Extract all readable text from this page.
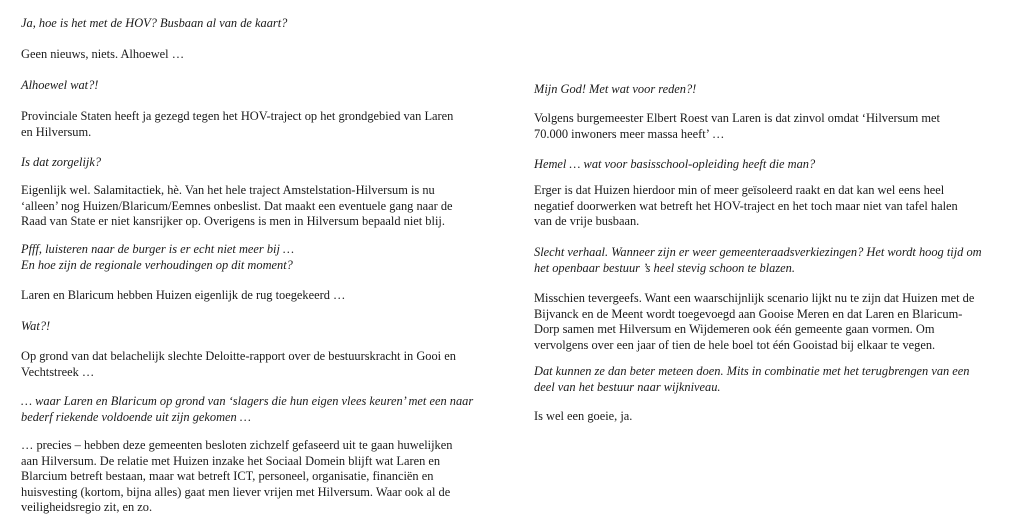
Ja, hoe is het met de HOV? Busbaan al van de kaart?

Geen nieuws, niets. Alhoewel …

Alhoewel wat?!

Provinciale Staten heeft ja gezegd tegen het HOV-traject op het grondgebied van Laren
en Hilversum.

Is dat zorgelijk?

Eigenlijk wel. Salamitactiek, hè. Van het hele traject Amstelstation-Hilversum is nu
‘alleen’ nog Huizen/Blaricum/Eemnes onbeslist. Dat maakt een eventuele gang naar de
Raad van State er niet kansrijker op. Overigens is men in Hilversum bepaald niet blij.

Pfff, luisteren naar de burger is er echt niet meer bij …
En hoe zijn de regionale verhoudingen op dit moment?

Laren en Blaricum hebben Huizen eigenlijk de rug toegekeerd …

Wat?!

Op grond van dat belachelijk slechte Deloitte-rapport over de bestuurskracht in Gooi en
Vechtstreek …

… waar Laren en Blaricum op grond van ‘slagers die hun eigen vlees keuren’ met een naar
bederf riekende voldoende uit zijn gekomen …

… precies – hebben deze gemeenten besloten zichzelf gefaseerd uit te gaan huwelijken
aan Hilversum. De relatie met Huizen inzake het Sociaal Domein blijft wat Laren en
Blarcium betreft bestaan, maar wat betreft ICT, personeel, organisatie, financiën en
huisvesting (kortom, bijna alles) gaat men liever vrijen met Hilversum. Waar ook al de
veiligheidsregio zit, en zo.

Mijn God! Met wat voor reden?!

Volgens burgemeester Elbert Roest van Laren is dat zinvol omdat ‘Hilversum met
70.000 inwoners meer massa heeft’ …

Hemel … wat voor basisschool-opleiding heeft die man?

Erger is dat Huizen hierdoor min of meer geïsoleerd raakt en dat kan wel eens heel
negatief doorwerken wat betreft het HOV-traject en het toch maar niet van tafel halen
van de vrije busbaan.

Slecht verhaal. Wanneer zijn er weer gemeenteraadsverkiezingen? Het wordt hoog tijd om
het openbaar bestuur ’s heel stevig schoon te blazen.

Misschien tevergeefs. Want een waarschijnlijk scenario lijkt nu te zijn dat Huizen met de
Bijvanck en de Meent wordt toegevoegd aan Gooise Meren en dat Laren en Blaricum-
Dorp samen met Hilversum en Wijdemeren ook één gemeente gaan vormen. Om
vervolgens over een jaar of tien de hele boel tot één Gooistad bij elkaar te vegen.

Dat kunnen ze dan beter meteen doen. Mits in combinatie met het terugbrengen van een
deel van het bestuur naar wijkniveau.

Is wel een goeie, ja.
